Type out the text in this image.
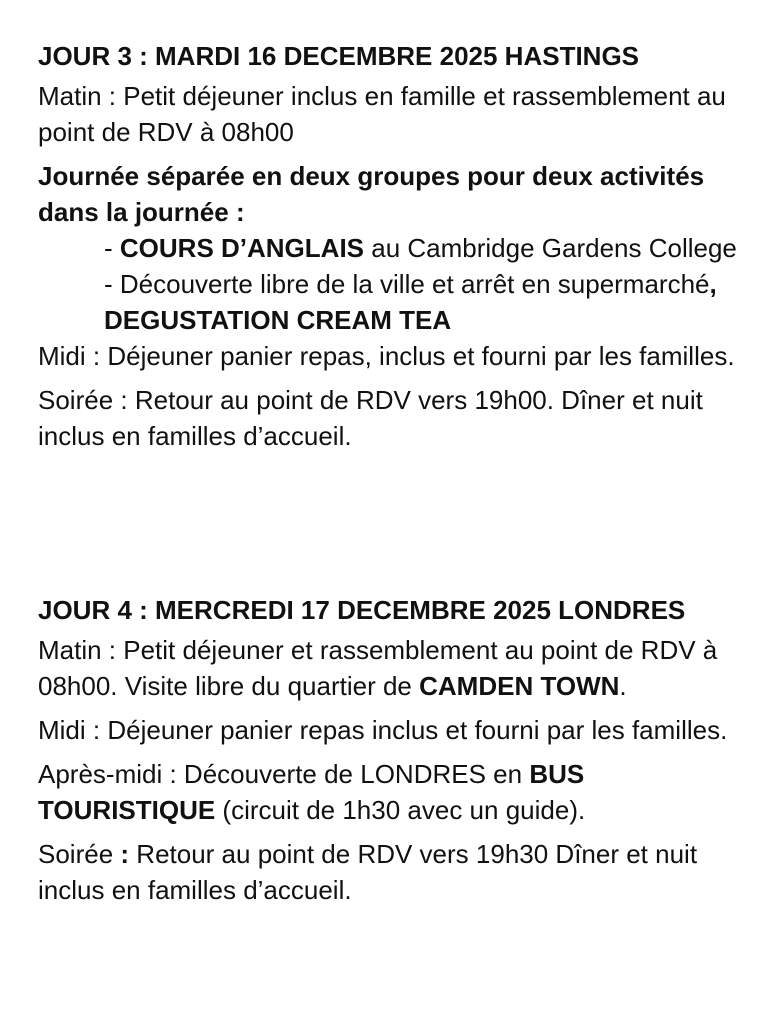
JOUR 3 : MARDI 16 DECEMBRE 2025 HASTINGS

Matin : Petit déjeuner inclus en famille et rassemblement au point de RDV à 08h00

Journée séparée en deux groupes pour deux activités dans la journée :

- COURS D’ANGLAIS au Cambridge Gardens College

- Découverte libre de la ville et arrêt en supermarché, DEGUSTATION CREAM TEA

Midi : Déjeuner panier repas, inclus et fourni par les familles.

Soirée : Retour au point de RDV vers 19h00. Dîner et nuit inclus en familles d’accueil.

JOUR 4 : MERCREDI 17 DECEMBRE 2025 LONDRES

Matin : Petit déjeuner et rassemblement au point de RDV à 08h00. Visite libre du quartier de CAMDEN TOWN.

Midi : Déjeuner panier repas inclus et fourni par les familles.

Après-midi : Découverte de LONDRES en BUS TOURISTIQUE (circuit de 1h30 avec un guide).

Soirée : Retour au point de RDV vers 19h30 Dîner et nuit inclus en familles d’accueil.
